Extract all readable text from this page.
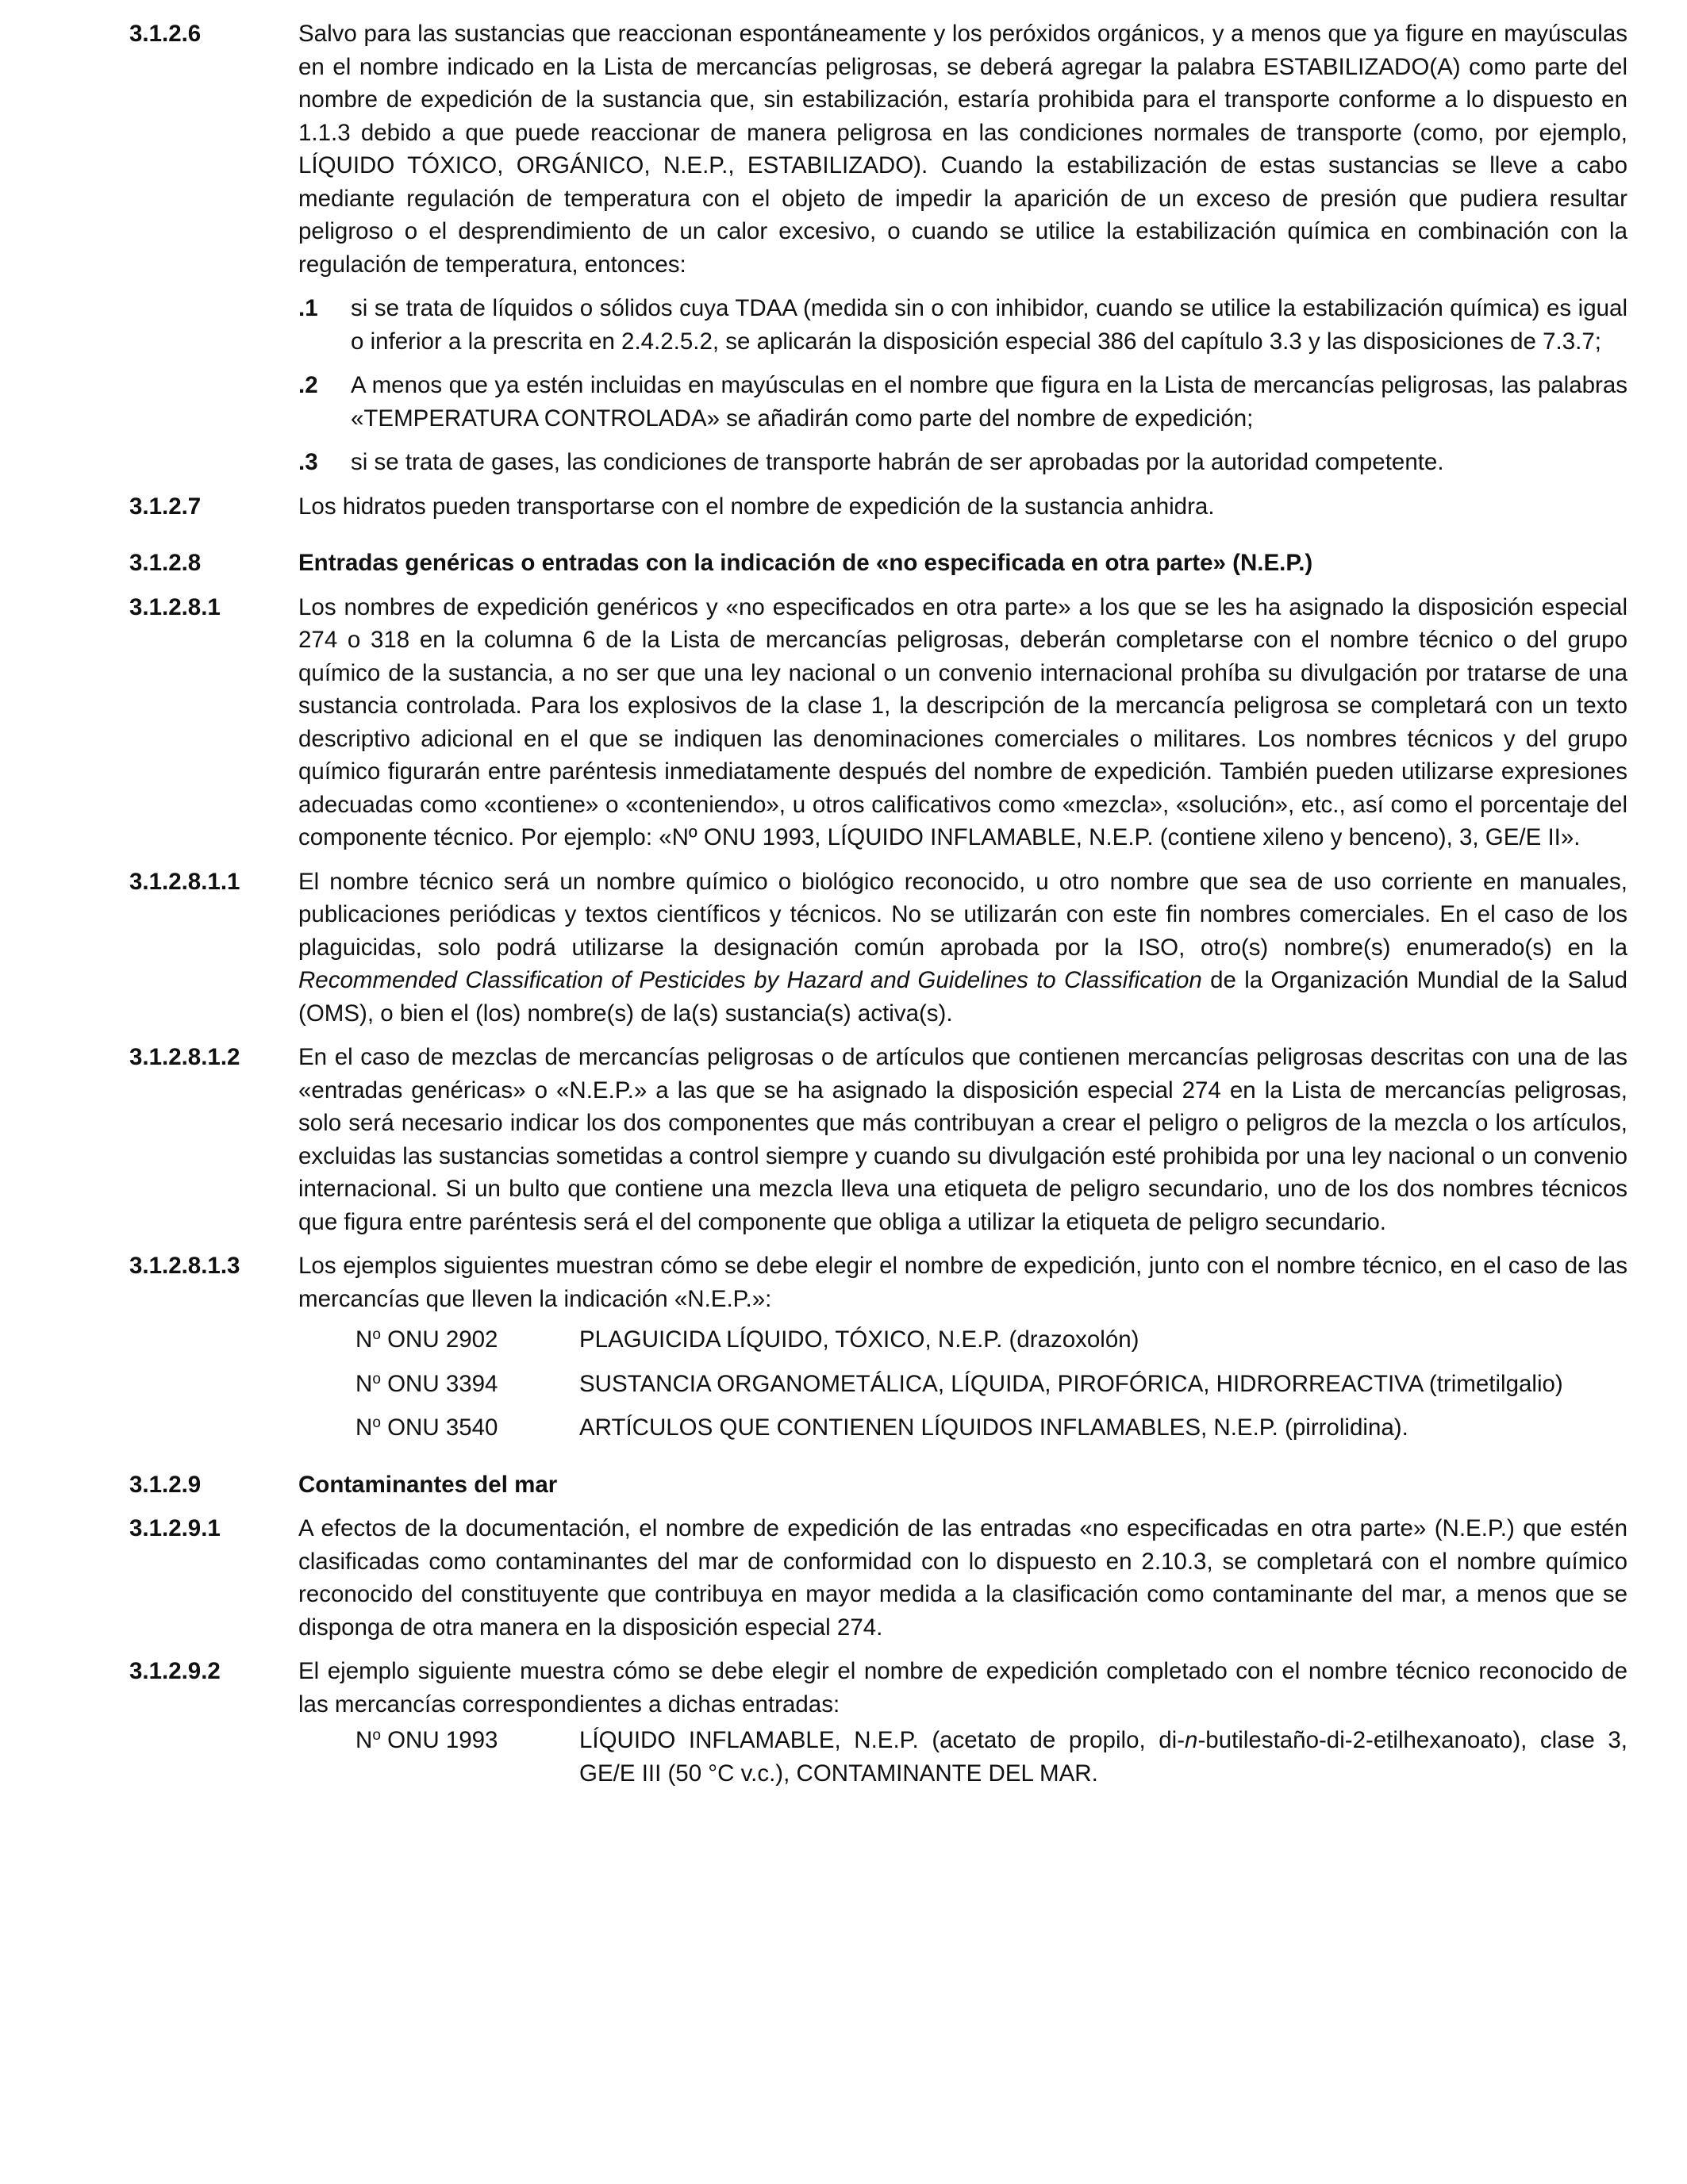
3.1.2.6	Salvo para las sustancias que reaccionan espontáneamente y los peróxidos orgánicos, y a menos que ya figure en mayúsculas en el nombre indicado en la Lista de mercancías peligrosas, se deberá agregar la palabra ESTABILIZADO(A) como parte del nombre de expedición de la sustancia que, sin estabilización, estaría prohibida para el transporte conforme a lo dispuesto en 1.1.3 debido a que puede reaccionar de manera peligrosa en las condiciones normales de transporte (como, por ejemplo, LÍQUIDO TÓXICO, ORGÁNICO, N.E.P., ESTABILIZADO). Cuando la estabilización de estas sustancias se lleve a cabo mediante regulación de temperatura con el objeto de impedir la aparición de un exceso de presión que pudiera resultar peligroso o el desprendimiento de un calor excesivo, o cuando se utilice la estabilización química en combinación con la regulación de temperatura, entonces:
.1	si se trata de líquidos o sólidos cuya TDAA (medida sin o con inhibidor, cuando se utilice la estabilización química) es igual o inferior a la prescrita en 2.4.2.5.2, se aplicarán la disposición especial 386 del capítulo 3.3 y las disposiciones de 7.3.7;
.2	A menos que ya estén incluidas en mayúsculas en el nombre que figura en la Lista de mercancías peligrosas, las palabras «TEMPERATURA CONTROLADA» se añadirán como parte del nombre de expedición;
.3	si se trata de gases, las condiciones de transporte habrán de ser aprobadas por la autoridad competente.
3.1.2.7	Los hidratos pueden transportarse con el nombre de expedición de la sustancia anhidra.
3.1.2.8	Entradas genéricas o entradas con la indicación de «no especificada en otra parte» (N.E.P.)
3.1.2.8.1	Los nombres de expedición genéricos y «no especificados en otra parte» a los que se les ha asignado la disposición especial 274 o 318 en la columna 6 de la Lista de mercancías peligrosas, deberán completarse con el nombre técnico o del grupo químico de la sustancia, a no ser que una ley nacional o un convenio internacional prohíba su divulgación por tratarse de una sustancia controlada. Para los explosivos de la clase 1, la descripción de la mercancía peligrosa se completará con un texto descriptivo adicional en el que se indiquen las denominaciones comerciales o militares. Los nombres técnicos y del grupo químico figurarán entre paréntesis inmediatamente después del nombre de expedición. También pueden utilizarse expresiones adecuadas como «contiene» o «conteniendo», u otros calificativos como «mezcla», «solución», etc., así como el porcentaje del componente técnico. Por ejemplo: «Nº ONU 1993, LÍQUIDO INFLAMABLE, N.E.P. (contiene xileno y benceno), 3, GE/E II».
3.1.2.8.1.1	El nombre técnico será un nombre químico o biológico reconocido, u otro nombre que sea de uso corriente en manuales, publicaciones periódicas y textos científicos y técnicos. No se utilizarán con este fin nombres comerciales. En el caso de los plaguicidas, solo podrá utilizarse la designación común aprobada por la ISO, otro(s) nombre(s) enumerado(s) en la Recommended Classification of Pesticides by Hazard and Guidelines to Classification de la Organización Mundial de la Salud (OMS), o bien el (los) nombre(s) de la(s) sustancia(s) activa(s).
3.1.2.8.1.2	En el caso de mezclas de mercancías peligrosas o de artículos que contienen mercancías peligrosas descritas con una de las «entradas genéricas» o «N.E.P.» a las que se ha asignado la disposición especial 274 en la Lista de mercancías peligrosas, solo será necesario indicar los dos componentes que más contribuyan a crear el peligro o peligros de la mezcla o los artículos, excluidas las sustancias sometidas a control siempre y cuando su divulgación esté prohibida por una ley nacional o un convenio internacional. Si un bulto que contiene una mezcla lleva una etiqueta de peligro secundario, uno de los dos nombres técnicos que figura entre paréntesis será el del componente que obliga a utilizar la etiqueta de peligro secundario.
3.1.2.8.1.3	Los ejemplos siguientes muestran cómo se debe elegir el nombre de expedición, junto con el nombre técnico, en el caso de las mercancías que lleven la indicación «N.E.P.»:
$N^o$ ONU 2902	PLAGUICIDA LÍQUIDO, TÓXICO, N.E.P. (drazoxolón)
$N^o$ ONU 3394	SUSTANCIA ORGANOMETÁLICA, LÍQUIDA, PIROFÓRICA, HIDRORREACTIVA (trimetilgalio)
$N^o$ ONU 3540	ARTÍCULOS QUE CONTIENEN LÍQUIDOS INFLAMABLES, N.E.P. (pirrolidina).
3.1.2.9	Contaminantes del mar
3.1.2.9.1	A efectos de la documentación, el nombre de expedición de las entradas «no especificadas en otra parte» (N.E.P.) que estén clasificadas como contaminantes del mar de conformidad con lo dispuesto en 2.10.3, se completará con el nombre químico reconocido del constituyente que contribuya en mayor medida a la clasificación como contaminante del mar, a menos que se disponga de otra manera en la disposición especial 274.
3.1.2.9.2	El ejemplo siguiente muestra cómo se debe elegir el nombre de expedición completado con el nombre técnico reconocido de las mercancías correspondientes a dichas entradas:
$N^o$ ONU 1993	LÍQUIDO INFLAMABLE, N.E.P. (acetato de propilo, di-n-butilestaño-di-2-etilhexanoato), clase 3, GE/E III (50 °C v.c.), CONTAMINANTE DEL MAR.
